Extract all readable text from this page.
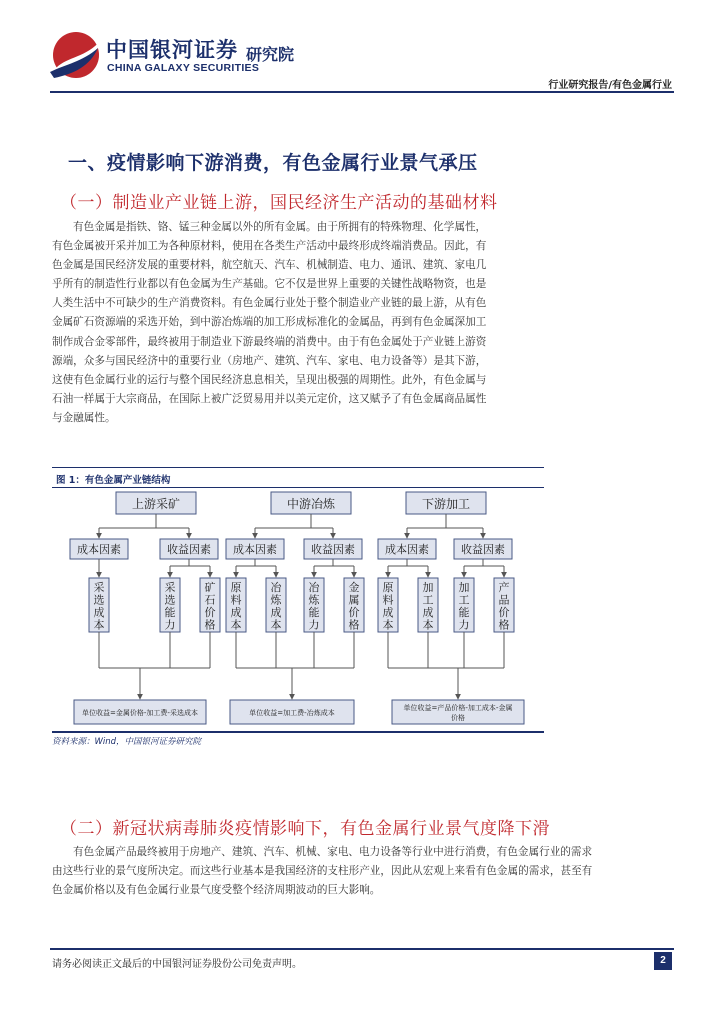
中国银河证券
CHINA GALAXY SECURITIES
研究院
行业研究报告/有色金属行业
一、疫情影响下游消费，有色金属行业景气承压
（一）制造业产业链上游，国民经济生产活动的基础材料
有色金属是指铁、铬、锰三种金属以外的所有金属。由于所拥有的特殊物理、化学属性，
有色金属被开采并加工为各种原材料，使用在各类生产活动中最终形成终端消费品。因此，有
色金属是国民经济发展的重要材料，航空航天、汽车、机械制造、电力、通讯、建筑、家电几
乎所有的制造性行业都以有色金属为生产基础。它不仅是世界上重要的关键性战略物资，也是
人类生活中不可缺少的生产消费资料。有色金属行业处于整个制造业产业链的最上游，从有色
金属矿石资源端的采选开始，到中游冶炼端的加工形成标准化的金属品，再到有色金属深加工
制作成合金零部件，最终被用于制造业下游最终端的消费中。由于有色金属处于产业链上游资
源端，众多与国民经济中的重要行业（房地产、建筑、汽车、家电、电力设备等）是其下游，
这使有色金属行业的运行与整个国民经济息息相关，呈现出极强的周期性。此外，有色金属与
石油一样属于大宗商品，在国际上被广泛贸易用并以美元定价，这又赋予了有色金属商品属性
与金融属性。
图 1：有色金属产业链结构
上游采矿
成本因素	收益因素
采选成本
采选能力
矿石价格
单位收益=金属价格-加工费-采选成本
中游冶炼
成本因素	收益因素
原料成本
冶炼成本
冶炼能力
金属价格
单位收益=加工费-冶炼成本
下游加工
成本因素	收益因素
原料成本
加工成本
加工能力
产品价格
单位收益=产品价格-加工成本-金属
价格
资料来源：Wind，中国银河证券研究院
（二）新冠状病毒肺炎疫情影响下，有色金属行业景气度降下滑
有色金属产品最终被用于房地产、建筑、汽车、机械、家电、电力设备等行业中进行消费，有色金属行业的需求
由这些行业的景气度所决定。而这些行业基本是我国经济的支柱形产业，因此从宏观上来看有色金属的需求，甚至有
色金属价格以及有色金属行业景气度受整个经济周期波动的巨大影响。
请务必阅读正文最后的中国银河证券股份公司免责声明。	2
